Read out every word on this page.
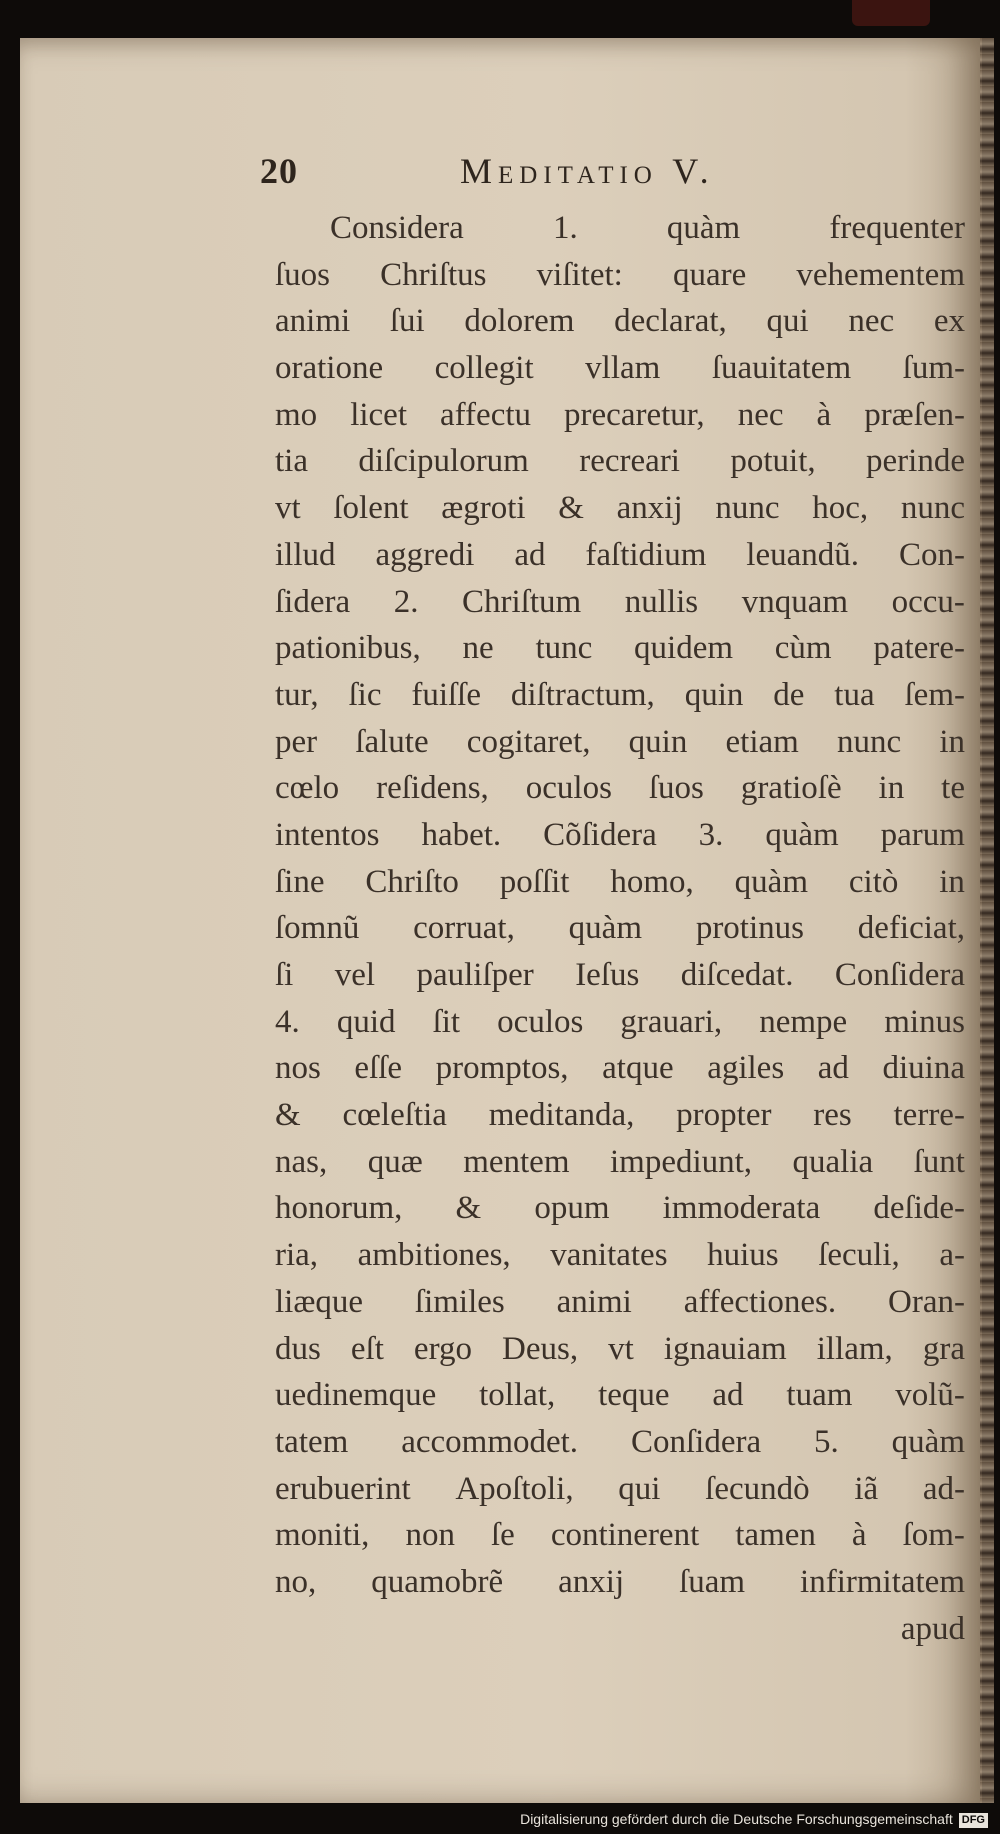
20	Meditatio V.
Considera	1.	quàm	frequenter
ſuos Chriſtus viſitet: quare vehementem
animi ſui dolorem declarat, qui nec ex
oratione collegit vllam ſuauitatem ſum-
mo licet affectu precaretur, nec à præſen-
tia diſcipulorum recreari potuit, perinde
vt ſolent ægroti & anxij nunc hoc, nunc
illud aggredi ad faſtidium leuandũ. Con-
ſidera 2. Chriſtum nullis vnquam occu-
pationibus, ne tunc quidem cùm patere-
tur, ſic fuiſſe diſtractum, quin de tua ſem-
per ſalute cogitaret, quin etiam nunc in
cœlo reſidens, oculos ſuos gratioſè in te
intentos habet. Cõſidera 3. quàm parum
ſine Chriſto poſſit homo, quàm citò in
ſomnũ corruat, quàm protinus deficiat,
ſi vel pauliſper Ieſus diſcedat. Conſidera
4. quid ſit oculos grauari, nempe minus
nos eſſe promptos, atque agiles ad diuina
& cœleſtia meditanda, propter res terre-
nas, quæ mentem impediunt, qualia ſunt
honorum, & opum immoderata deſide-
ria, ambitiones, vanitates huius ſeculi, a-
liæque ſimiles animi affectiones. Oran-
dus eſt ergo Deus, vt ignauiam illam, gra
uedinemque tollat, teque ad tuam volũ-
tatem accommodet. Conſidera 5. quàm
erubuerint Apoſtoli, qui ſecundò iã ad-
moniti, non ſe continerent tamen à ſom-
no, quamobrẽ anxij ſuam infirmitatem
apud
Digitalisierung gefördert durch die Deutsche Forschungsgemeinschaft DFG
